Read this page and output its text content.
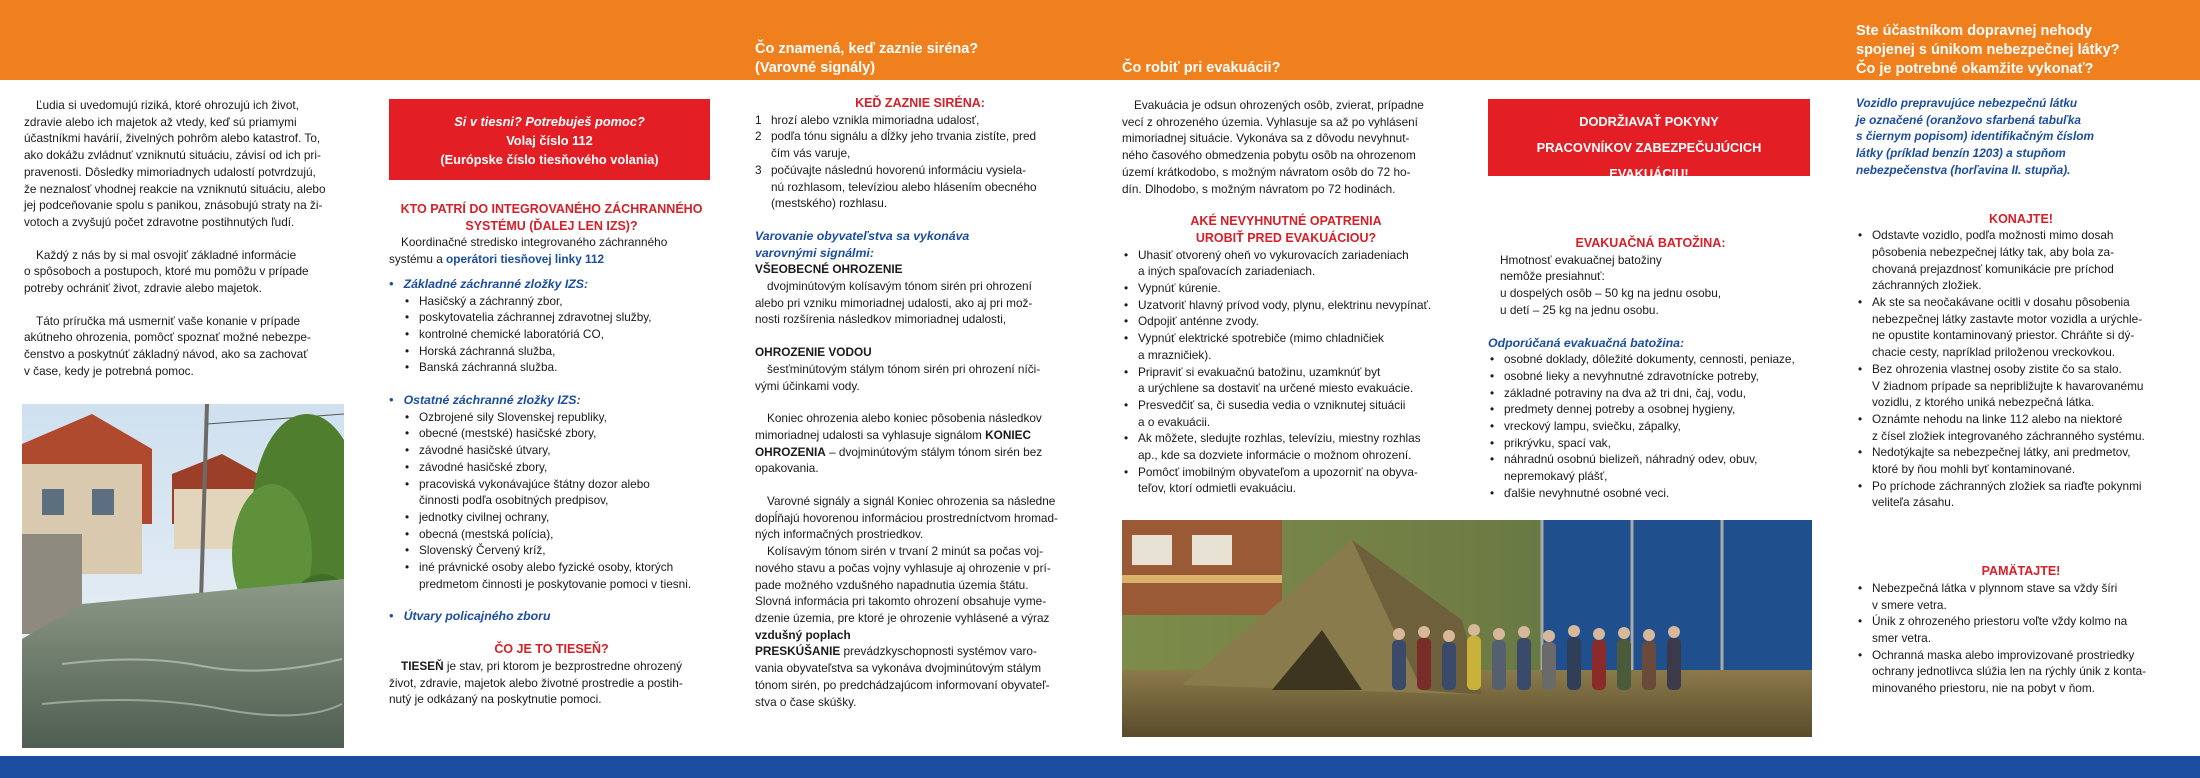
Čo znamená, keď zaznie siréna?
(Varovné signály)	Čo robiť pri evakuácii?
Ste účastníkom dopravnej nehody
spojenej s únikom nebezpečnej látky?
Čo je potrebné okamžite vykonať?

Ľudia si uvedomujú riziká, ktoré ohrozujú ich život,

zdravie alebo ich majetok až vtedy, keď sú priamymi

účastníkmi havárií, živelných pohrôm alebo katastrof. To,

ako dokážu zvládnuť vzniknutú situáciu, závisí od ich pri-

pravenosti. Dôsledky mimoriadnych udalostí potvrdzujú,

že neznalosť vhodnej reakcie na vzniknutú situáciu, alebo

jej podceňovanie spolu s panikou, znásobujú straty na ži-

votoch a zvyšujú počet zdravotne postihnutých ľudí.

Každý z nás by si mal osvojiť základné informácie

o spôsoboch a postupoch, ktoré mu pomôžu v prípade

potreby ochrániť život, zdravie alebo majetok.

Táto príručka má usmerniť vaše konanie v prípade

akútneho ohrozenia, pomôcť spoznať možné nebezpe-

čenstvo a poskytnúť základný návod, ako sa zachovať

v čase, kedy je potrebná pomoc.

Si v tiesni? Potrebuješ pomoc?
Volaj číslo 112
(Európske číslo tiesňového volania)
KTO PATRÍ DO INTEGROVANÉHO ZÁCHRANNÉHO
SYSTÉMU (ĎALEJ LEN IZS)?

Koordinačné stredisko integrovaného záchranného

systému a operátori tiesňovej linky 112

•   Základné záchranné zložky IZS:

• Hasičský a záchranný zbor,
• poskytovatelia záchrannej zdravotnej služby,
• kontrolné chemické laboratóriá CO,
• Horská záchranná služba,
• Banská záchranná služba.

•   Ostatné záchranné zložky IZS:

• Ozbrojené sily Slovenskej republiky,
• obecné (mestské) hasičské zbory,
• závodné hasičské útvary,
• závodné hasičské zbory,
• pracoviská vykonávajúce štátny dozor alebo
činnosti podľa osobitných predpisov,
• jednotky civilnej ochrany,
• obecná (mestská polícia),
• Slovenský Červený kríž,
• iné právnické osoby alebo fyzické osoby, ktorých
predmetom činnosti je poskytovanie pomoci v tiesni.

•   Útvary policajného zboru

ČO JE TO TIESEŇ?

TIESEŇ je stav, pri ktorom je bezprostredne ohrozený

život, zdravie, majetok alebo životné prostredie a postih-

nutý je odkázaný na poskytnutie pomoci.

KEĎ ZAZNIE SIRÉNA:
1 hrozí alebo vznikla mimoriadna udalosť,
2 podľa tónu signálu a dĺžky jeho trvania zistíte, pred
čím vás varuje,
3 počúvajte následnú hovorenú informáciu vysiela-
nú rozhlasom, televíziou alebo hlásením obecného
(mestského) rozhlasu.
Varovanie obyvateľstva sa vykonáva
varovnými signálmi:

VŠEOBECNÉ OHROZENIE

dvojminútovým kolísavým tónom sirén pri ohrození

alebo pri vzniku mimoriadnej udalosti, ako aj pri mož-

nosti rozšírenia následkov mimoriadnej udalosti,

OHROZENIE VODOU

šesťminútovým stálym tónom sirén pri ohrození níči-

vými účinkami vody.

Koniec ohrozenia alebo koniec pôsobenia následkov

mimoriadnej udalosti sa vyhlasuje signálom KONIEC

OHROZENIA – dvojminútovým stálym tónom sirén bez

opakovania.

Varovné signály a signál Koniec ohrozenia sa následne

dopĺňajú hovorenou informáciou prostredníctvom hromad-

ných informačných prostriedkov.

Kolísavým tónom sirén v trvaní 2 minút sa počas voj-

nového stavu a počas vojny vyhlasuje aj ohrozenie v prí-

pade možného vzdušného napadnutia územia štátu.

Slovná informácia pri takomto ohrození obsahuje vyme-

dzenie územia, pre ktoré je ohrozenie vyhlásené a výraz

vzdušný poplach

PRESKÚŠANIE prevádzkyschopnosti systémov varo-

vania obyvateľstva sa vykonáva dvojminútovým stálym

tónom sirén, po predchádzajúcom informovaní obyvateľ-

stva o čase skúšky.

Evakuácia je odsun ohrozených osôb, zvierat, prípadne

vecí z ohrozeného územia. Vyhlasuje sa až po vyhlásení

mimoriadnej situácie. Vykonáva sa z dôvodu nevyhnut-

ného časového obmedzenia pobytu osôb na ohrozenom

území krátkodobo, s možným návratom osôb do 72 ho-

dín. Dlhodobo, s možným návratom po 72 hodinách.

AKÉ NEVYHNUTNÉ OPATRENIA
UROBIŤ PRED EVAKUÁCIOU?
• Uhasiť otvorený oheň vo vykurovacích zariadeniach
a iných spaľovacích zariadeniach.
• Vypnúť kúrenie.
• Uzatvoriť hlavný prívod vody, plynu, elektrinu nevypínať.
• Odpojiť anténne zvody.
• Vypnúť elektrické spotrebiče (mimo chladničiek
a mrazničiek).
• Pripraviť si evakuačnú batožinu, uzamknúť byt
a urýchlene sa dostaviť na určené miesto evakuácie.
• Presvedčiť sa, či susedia vedia o vzniknutej situácii
a o evakuácii.
• Ak môžete, sledujte rozhlas, televíziu, miestny rozhlas
ap., kde sa dozviete informácie o možnom ohrození.
• Pomôcť imobilným obyvateľom a upozorniť na obyva-
teľov, ktorí odmietli evakuáciu.
DODRŽIAVAŤ POKYNY
PRACOVNÍKOV ZABEZPEČUJÚCICH
EVAKUÁCIU!
EVAKUAČNÁ BATOŽINA:

Hmotnosť evakuačnej batožiny

nemôže presiahnuť:

u dospelých osôb – 50 kg na jednu osobu,

u detí – 25 kg na jednu osobu.

Odporúčaná evakuačná batožina:
• osobné doklady, dôležité dokumenty, cennosti, peniaze,
• osobné lieky a nevyhnutné zdravotnícke potreby,
• základné potraviny na dva až tri dni, čaj, vodu,
• predmety dennej potreby a osobnej hygieny,
• vreckový lampu, sviečku, zápalky,
• prikrývku, spací vak,
• náhradnú osobnú bielizeň, náhradný odev, obuv,
nepremokavý plášť,
• ďalšie nevyhnutné osobné veci.

Vozidlo prepravujúce nebezpečnú látku

je označené (oranžovo sfarbená tabuľka

s čiernym popisom) identifikačným číslom

látky (príklad benzín 1203) a stupňom

nebezpečenstva (horľavina II. stupňa).

KONAJTE!
• Odstavte vozidlo, podľa možnosti mimo dosah
pôsobenia nebezpečnej látky tak, aby bola za-
chovaná prejazdnosť komunikácie pre príchod
záchranných zložiek.
• Ak ste sa neočakávane ocitli v dosahu pôsobenia
nebezpečnej látky zastavte motor vozidla a urýchle-
ne opustite kontaminovaný priestor. Chráňte si dý-
chacie cesty, napríklad priloženou vreckovkou.
• Bez ohrozenia vlastnej osoby zistite čo sa stalo.
V žiadnom prípade sa nepribližujte k havarovanému
vozidlu, z ktorého uniká nebezpečná látka.
• Oznámte nehodu na linke 112 alebo na niektoré
z čísel zložiek integrovaného záchranného systému.
• Nedotýkajte sa nebezpečnej látky, ani predmetov,
ktoré by ňou mohli byť kontaminované.
• Po príchode záchranných zložiek sa riaďte pokynmi
veliteľa zásahu.
PAMÄTAJTE!
• Nebezpečná látka v plynnom stave sa vždy šíri
v smere vetra.
• Únik z ohrozeného priestoru voľte vždy kolmo na
smer vetra.
• Ochranná maska alebo improvizované prostriedky
ochrany jednotlivca slúžia len na rýchly únik z konta-
minovaného priestoru, nie na pobyt v ňom.
